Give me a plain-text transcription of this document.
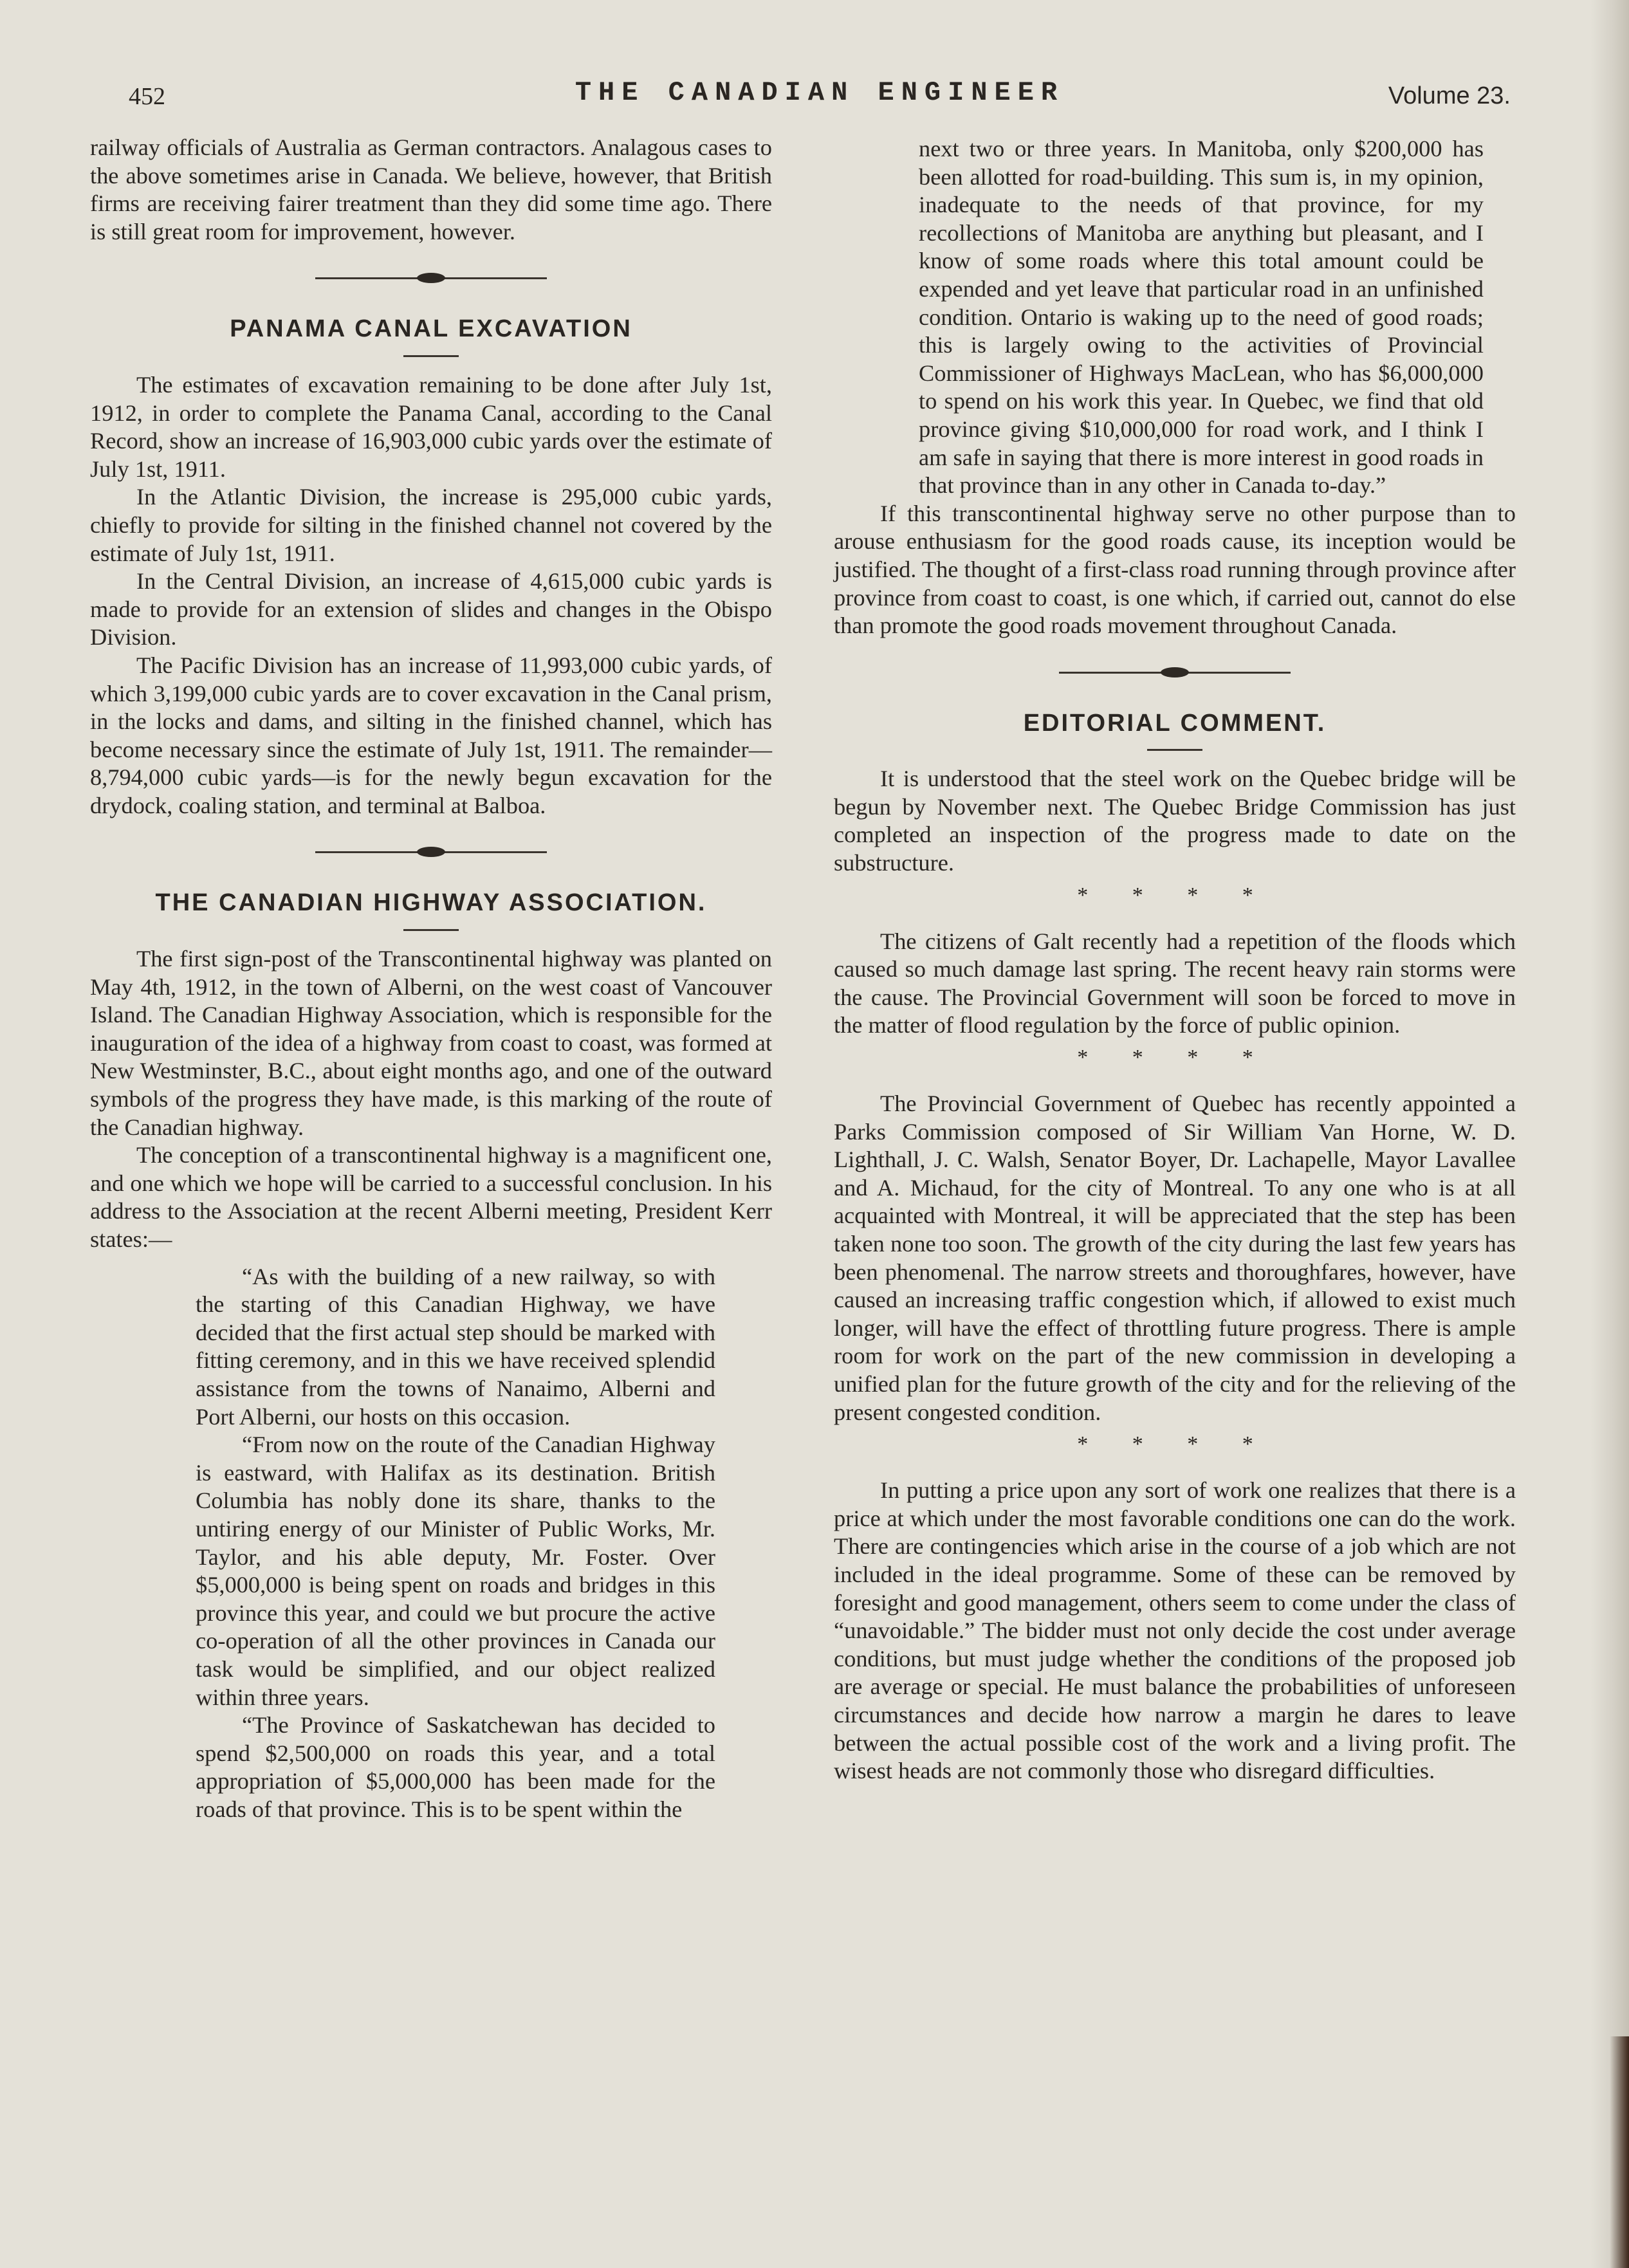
452	THE CANADIAN ENGINEER	Volume 23.

railway officials of Australia as German contractors. Analagous cases to the above sometimes arise in Canada. We believe, however, that British firms are receiving fairer treatment than they did some time ago. There is still great room for improvement, however.

PANAMA CANAL EXCAVATION

The estimates of excavation remaining to be done after July 1st, 1912, in order to complete the Panama Canal, according to the Canal Record, show an increase of 16,903,000 cubic yards over the estimate of July 1st, 1911.

In the Atlantic Division, the increase is 295,000 cubic yards, chiefly to provide for silting in the finished channel not covered by the estimate of July 1st, 1911.

In the Central Division, an increase of 4,615,000 cubic yards is made to provide for an extension of slides and changes in the Obispo Division.

The Pacific Division has an increase of 11,993,000 cubic yards, of which 3,199,000 cubic yards are to cover excavation in the Canal prism, in the locks and dams, and silting in the finished channel, which has become necessary since the estimate of July 1st, 1911. The remainder—8,794,000 cubic yards—is for the newly begun excavation for the drydock, coaling station, and terminal at Balboa.

THE CANADIAN HIGHWAY ASSOCIATION.

The first sign-post of the Transcontinental highway was planted on May 4th, 1912, in the town of Alberni, on the west coast of Vancouver Island. The Canadian Highway Association, which is responsible for the inauguration of the idea of a highway from coast to coast, was formed at New Westminster, B.C., about eight months ago, and one of the outward symbols of the progress they have made, is this marking of the route of the Canadian highway.

The conception of a transcontinental highway is a magnificent one, and one which we hope will be carried to a successful conclusion. In his address to the Association at the recent Alberni meeting, President Kerr states:—

“As with the building of a new railway, so with the starting of this Canadian Highway, we have decided that the first actual step should be marked with fitting ceremony, and in this we have received splendid assistance from the towns of Nanaimo, Alberni and Port Alberni, our hosts on this occasion.

“From now on the route of the Canadian Highway is eastward, with Halifax as its destination. British Columbia has nobly done its share, thanks to the untiring energy of our Minister of Public Works, Mr. Taylor, and his able deputy, Mr. Foster. Over $5,000,000 is being spent on roads and bridges in this province this year, and could we but procure the active co-operation of all the other provinces in Canada our task would be simplified, and our object realized within three years.

“The Province of Saskatchewan has decided to spend $2,500,000 on roads this year, and a total appropriation of $5,000,000 has been made for the roads of that province. This is to be spent within the

next two or three years. In Manitoba, only $200,000 has been allotted for road-building. This sum is, in my opinion, inadequate to the needs of that province, for my recollections of Manitoba are anything but pleasant, and I know of some roads where this total amount could be expended and yet leave that particular road in an unfinished condition. Ontario is waking up to the need of good roads; this is largely owing to the activities of Provincial Commissioner of Highways MacLean, who has $6,000,000 to spend on his work this year. In Quebec, we find that old province giving $10,000,000 for road work, and I think I am safe in saying that there is more interest in good roads in that province than in any other in Canada to-day.”

If this transcontinental highway serve no other purpose than to arouse enthusiasm for the good roads cause, its inception would be justified. The thought of a first-class road running through province after province from coast to coast, is one which, if carried out, cannot do else than promote the good roads movement throughout Canada.

EDITORIAL COMMENT.

It is understood that the steel work on the Quebec bridge will be begun by November next. The Quebec Bridge Commission has just completed an inspection of the progress made to date on the substructure.

* * * *

The citizens of Galt recently had a repetition of the floods which caused so much damage last spring. The recent heavy rain storms were the cause. The Provincial Government will soon be forced to move in the matter of flood regulation by the force of public opinion.

* * * *

The Provincial Government of Quebec has recently appointed a Parks Commission composed of Sir William Van Horne, W. D. Lighthall, J. C. Walsh, Senator Boyer, Dr. Lachapelle, Mayor Lavallee and A. Michaud, for the city of Montreal. To any one who is at all acquainted with Montreal, it will be appreciated that the step has been taken none too soon. The growth of the city during the last few years has been phenomenal. The narrow streets and thoroughfares, however, have caused an increasing traffic congestion which, if allowed to exist much longer, will have the effect of throttling future progress. There is ample room for work on the part of the new commission in developing a unified plan for the future growth of the city and for the relieving of the present congested condition.

* * * *

In putting a price upon any sort of work one realizes that there is a price at which under the most favorable conditions one can do the work. There are contingencies which arise in the course of a job which are not included in the ideal programme. Some of these can be removed by foresight and good management, others seem to come under the class of “unavoidable.” The bidder must not only decide the cost under average conditions, but must judge whether the conditions of the proposed job are average or special. He must balance the probabilities of unforeseen circumstances and decide how narrow a margin he dares to leave between the actual possible cost of the work and a living profit. The wisest heads are not commonly those who disregard difficulties.
